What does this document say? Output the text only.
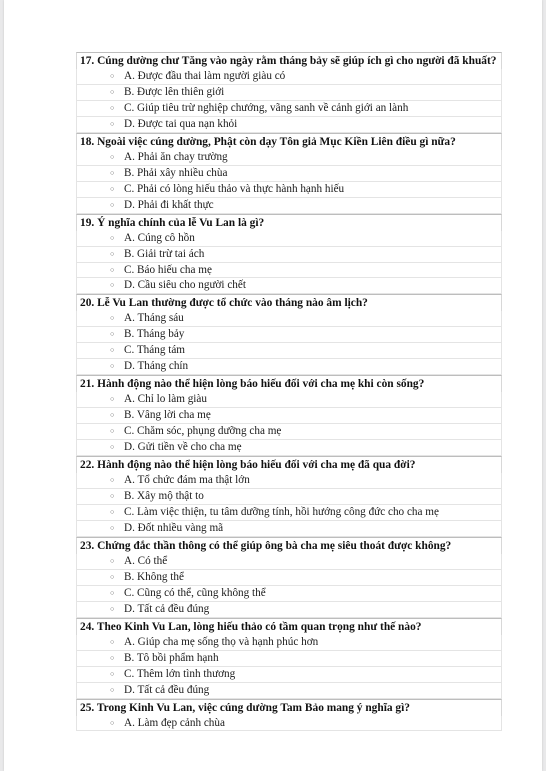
17. Cúng dường chư Tăng vào ngày rằm tháng bảy sẽ giúp ích gì cho người đã khuất?
○ A. Được đầu thai làm người giàu có
○ B. Được lên thiên giới
○ C. Giúp tiêu trừ nghiệp chướng, vãng sanh về cảnh giới an lành
○ D. Được tai qua nạn khỏi
18. Ngoài việc cúng dường, Phật còn dạy Tôn giả Mục Kiền Liên điều gì nữa?
○ A. Phải ăn chay trường
○ B. Phải xây nhiều chùa
○ C. Phải có lòng hiếu thảo và thực hành hạnh hiếu
○ D. Phải đi khất thực
19. Ý nghĩa chính của lễ Vu Lan là gì?
○ A. Cúng cô hồn
○ B. Giải trừ tai ách
○ C. Báo hiếu cha mẹ
○ D. Cầu siêu cho người chết
20. Lễ Vu Lan thường được tổ chức vào tháng nào âm lịch?
○ A. Tháng sáu
○ B. Tháng bảy
○ C. Tháng tám
○ D. Tháng chín
21. Hành động nào thể hiện lòng báo hiếu đối với cha mẹ khi còn sống?
○ A. Chỉ lo làm giàu
○ B. Vâng lời cha mẹ
○ C. Chăm sóc, phụng dưỡng cha mẹ
○ D. Gửi tiền về cho cha mẹ
22. Hành động nào thể hiện lòng báo hiếu đối với cha mẹ đã qua đời?
○ A. Tổ chức đám ma thật lớn
○ B. Xây mộ thật to
○ C. Làm việc thiện, tu tâm dưỡng tính, hồi hướng công đức cho cha mẹ
○ D. Đốt nhiều vàng mã
23. Chứng đắc thần thông có thể giúp ông bà cha mẹ siêu thoát được không?
○ A. Có thể
○ B. Không thể
○ C. Cũng có thể, cũng không thể
○ D. Tất cả đều đúng
24. Theo Kinh Vu Lan, lòng hiếu thảo có tầm quan trọng như thế nào?
○ A. Giúp cha mẹ sống thọ và hạnh phúc hơn
○ B. Tô bồi phẩm hạnh
○ C. Thêm lớn tình thương
○ D. Tất cả đều đúng
25. Trong Kinh Vu Lan, việc cúng dường Tam Bảo mang ý nghĩa gì?
○ A. Làm đẹp cảnh chùa
